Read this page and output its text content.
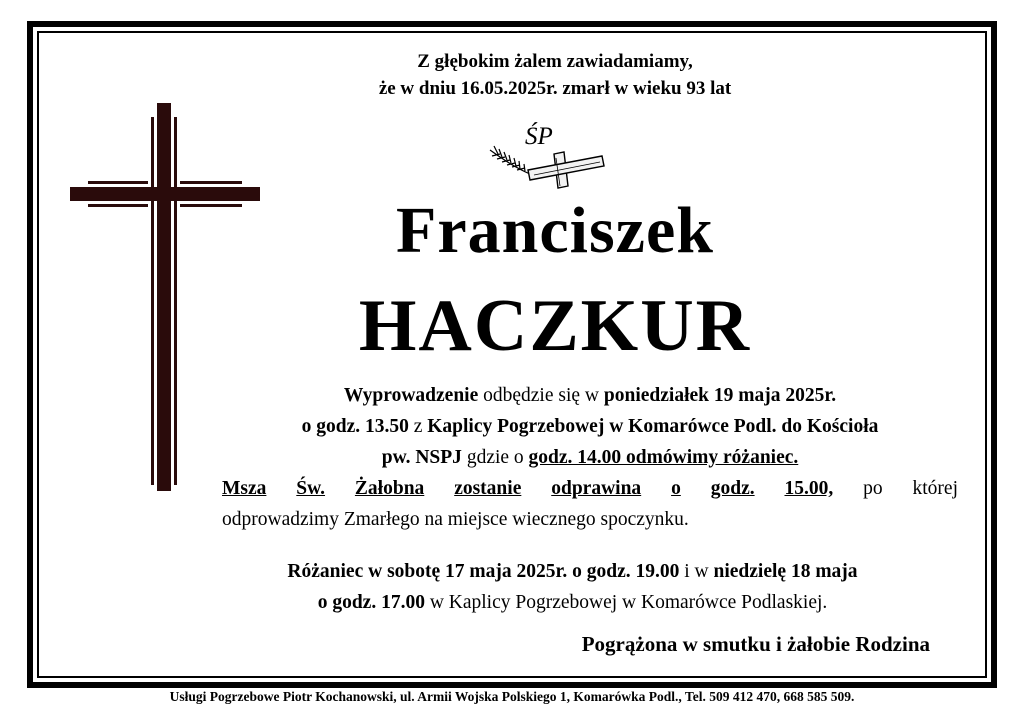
Z głębokim żalem zawiadamiamy,
że w dniu 16.05.2025r. zmarł w wieku 93 lat
ŚP
Franciszek
HACZKUR
Wyprowadzenie odbędzie się w poniedziałek 19 maja 2025r.
o godz. 13.50 z Kaplicy Pogrzebowej w Komarówce Podl. do Kościoła
pw. NSPJ gdzie o godz. 14.00 odmówimy różaniec.
Msza Św. Żałobna zostanie odprawina o godz. 15.00, po której
odprowadzimy Zmarłego na miejsce wiecznego spoczynku.
Różaniec w sobotę 17 maja 2025r. o godz. 19.00 i w niedzielę 18 maja
o godz. 17.00 w Kaplicy Pogrzebowej w Komarówce Podlaskiej.
Pogrążona w smutku i żałobie Rodzina
Usługi Pogrzebowe Piotr Kochanowski, ul. Armii Wojska Polskiego 1, Komarówka Podl., Tel. 509 412 470, 668 585 509.
